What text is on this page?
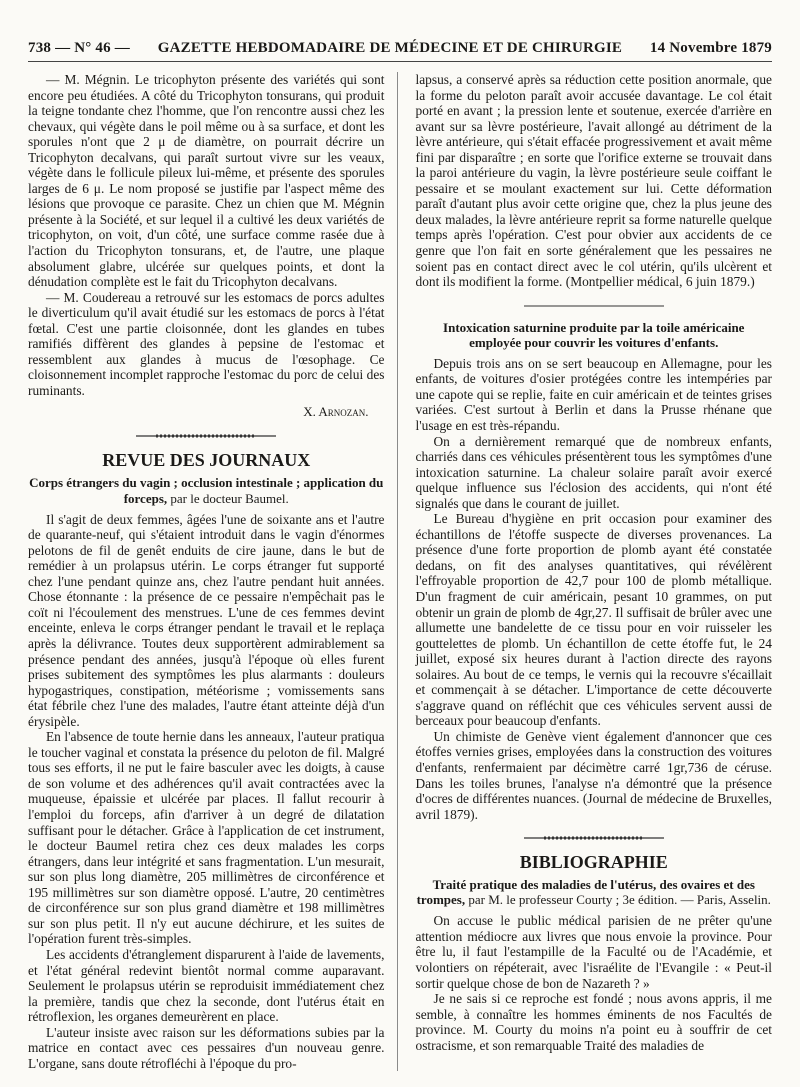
738 — N° 46 — GAZETTE HEBDOMADAIRE DE MÉDECINE ET DE CHIRURGIE 14 Novembre 1879

— M. Mégnin. Le tricophyton présente des variétés qui sont encore peu étudiées. A côté du Tricophyton tonsurans, qui produit la teigne tondante chez l'homme, que l'on rencontre aussi chez les chevaux, qui végète dans le poil même ou à sa surface, et dont les sporules n'ont que 2 μ de diamètre, on pourrait décrire un Tricophyton decalvans, qui paraît surtout vivre sur les veaux, végète dans le follicule pileux lui-même, et présente des sporules larges de 6 μ. Le nom proposé se justifie par l'aspect même des lésions que provoque ce parasite. Chez un chien que M. Mégnin présente à la Société, et sur lequel il a cultivé les deux variétés de tricophyton, on voit, d'un côté, une surface comme rasée due à l'action du Tricophyton tonsurans, et, de l'autre, une plaque absolument glabre, ulcérée sur quelques points, et dont la dénudation complète est le fait du Tricophyton decalvans.

— M. Coudereau a retrouvé sur les estomacs de porcs adultes le diverticulum qu'il avait étudié sur les estomacs de porcs à l'état fœtal. C'est une partie cloisonnée, dont les glandes en tubes ramifiés diffèrent des glandes à pepsine de l'estomac et ressemblent aux glandes à mucus de l'œsophage. Ce cloisonnement incomplet rapproche l'estomac du porc de celui des ruminants.

X. Arnozan.
REVUE DES JOURNAUX
Corps étrangers du vagin ; occlusion intestinale ; application du forceps, par le docteur Baumel.

Il s'agit de deux femmes, âgées l'une de soixante ans et l'autre de quarante-neuf, qui s'étaient introduit dans le vagin d'énormes pelotons de fil de genêt enduits de cire jaune, dans le but de remédier à un prolapsus utérin. Le corps étranger fut supporté chez l'une pendant quinze ans, chez l'autre pendant huit années. Chose étonnante : la présence de ce pessaire n'empêchait pas le coït ni l'écoulement des menstrues. L'une de ces femmes devint enceinte, enleva le corps étranger pendant le travail et le replaça après la délivrance. Toutes deux supportèrent admirablement sa présence pendant des années, jusqu'à l'époque où elles furent prises subitement des symptômes les plus alarmants : douleurs hypogastriques, constipation, météorisme ; vomissements sans état fébrile chez l'une des malades, l'autre étant atteinte déjà d'un érysipèle.

En l'absence de toute hernie dans les anneaux, l'auteur pratiqua le toucher vaginal et constata la présence du peloton de fil. Malgré tous ses efforts, il ne put le faire basculer avec les doigts, à cause de son volume et des adhérences qu'il avait contractées avec la muqueuse, épaissie et ulcérée par places. Il fallut recourir à l'emploi du forceps, afin d'arriver à un degré de dilatation suffisant pour le détacher. Grâce à l'application de cet instrument, le docteur Baumel retira chez ces deux malades les corps étrangers, dans leur intégrité et sans fragmentation. L'un mesurait, sur son plus long diamètre, 205 millimètres de circonférence et 195 millimètres sur son diamètre opposé. L'autre, 20 centimètres de circonférence sur son plus grand diamètre et 198 millimètres sur son plus petit. Il n'y eut aucune déchirure, et les suites de l'opération furent très-simples.

Les accidents d'étranglement disparurent à l'aide de lavements, et l'état général redevint bientôt normal comme auparavant. Seulement le prolapsus utérin se reproduisit immédiatement chez la première, tandis que chez la seconde, dont l'utérus était en rétroflexion, les organes demeurèrent en place.

L'auteur insiste avec raison sur les déformations subies par la matrice en contact avec ces pessaires d'un nouveau genre. L'organe, sans doute rétrofléchi à l'époque du pro-

lapsus, a conservé après sa réduction cette position anormale, que la forme du peloton paraît avoir accusée davantage. Le col était porté en avant ; la pression lente et soutenue, exercée d'arrière en avant sur sa lèvre postérieure, l'avait allongé au détriment de la lèvre antérieure, qui s'était effacée progressivement et avait même fini par disparaître ; en sorte que l'orifice externe se trouvait dans la paroi antérieure du vagin, la lèvre postérieure seule coiffant le pessaire et se moulant exactement sur lui. Cette déformation paraît d'autant plus avoir cette origine que, chez la plus jeune des deux malades, la lèvre antérieure reprit sa forme naturelle quelque temps après l'opération. C'est pour obvier aux accidents de ce genre que l'on fait en sorte généralement que les pessaires ne soient pas en contact direct avec le col utérin, qu'ils ulcèrent et dont ils modifient la forme. (Montpellier médical, 6 juin 1879.)

Intoxication saturnine produite par la toile américaine employée pour couvrir les voitures d'enfants.

Depuis trois ans on se sert beaucoup en Allemagne, pour les enfants, de voitures d'osier protégées contre les intempéries par une capote qui se replie, faite en cuir américain et de teintes grises variées. C'est surtout à Berlin et dans la Prusse rhénane que l'usage en est très-répandu.

On a dernièrement remarqué que de nombreux enfants, charriés dans ces véhicules présentèrent tous les symptômes d'une intoxication saturnine. La chaleur solaire paraît avoir exercé quelque influence sus l'éclosion des accidents, qui n'ont été signalés que dans le courant de juillet.

Le Bureau d'hygiène en prit occasion pour examiner des échantillons de l'étoffe suspecte de diverses provenances. La présence d'une forte proportion de plomb ayant été constatée dedans, on fit des analyses quantitatives, qui révélèrent l'effroyable proportion de 42,7 pour 100 de plomb métallique. D'un fragment de cuir américain, pesant 10 grammes, on put obtenir un grain de plomb de 4gr,27. Il suffisait de brûler avec une allumette une bandelette de ce tissu pour en voir ruisseler les gouttelettes de plomb. Un échantillon de cette étoffe fut, le 24 juillet, exposé six heures durant à l'action directe des rayons solaires. Au bout de ce temps, le vernis qui la recouvre s'écaillait et commençait à se détacher. L'importance de cette découverte s'aggrave quand on réfléchit que ces véhicules servent aussi de berceaux pour beaucoup d'enfants.

Un chimiste de Genève vient également d'annoncer que ces étoffes vernies grises, employées dans la construction des voitures d'enfants, renfermaient par décimètre carré 1gr,736 de céruse. Dans les toiles brunes, l'analyse n'a démontré que la présence d'ocres de différentes nuances. (Journal de médecine de Bruxelles, avril 1879).

BIBLIOGRAPHIE
Traité pratique des maladies de l'utérus, des ovaires et des trompes, par M. le professeur Courty ; 3e édition. — Paris, Asselin.

On accuse le public médical parisien de ne prêter qu'une attention médiocre aux livres que nous envoie la province. Pour être lu, il faut l'estampille de la Faculté ou de l'Académie, et volontiers on répéterait, avec l'israélite de l'Evangile : « Peut-il sortir quelque chose de bon de Nazareth ? »

Je ne sais si ce reproche est fondé ; nous avons appris, il me semble, à connaître les hommes éminents de nos Facultés de province. M. Courty du moins n'a point eu à souffrir de cet ostracisme, et son remarquable Traité des maladies de
